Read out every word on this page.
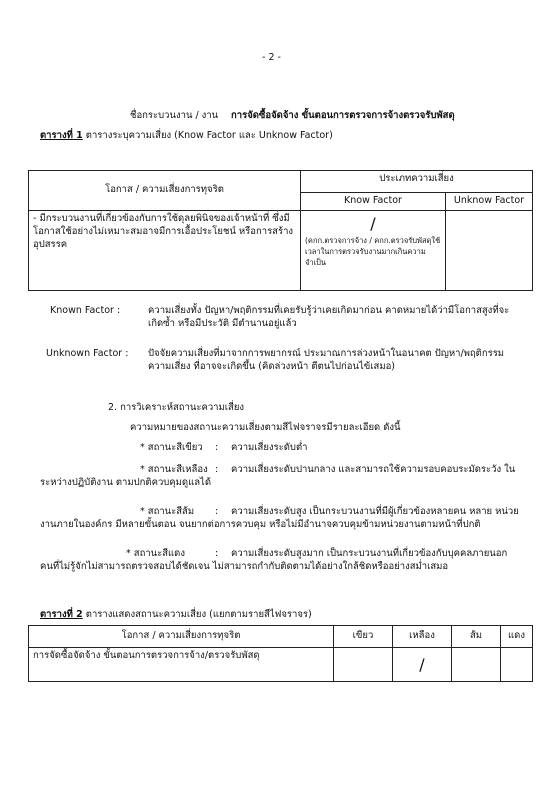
- 2 -
ชื่อกระบวนงาน / งาน การจัดซื้อจัดจ้าง ขั้นตอนการตรวจการจ้างตรวจรับพัสดุ
ตารางที่ 1 ตารางระบุความเสี่ยง (Know Factor และ Unknow Factor)
โอกาส / ความเสี่ยงการทุจริต	ประเภทความเสี่ยง	
	Know Factor	Unknow Factor
- มีกระบวนงานที่เกี่ยวข้องกับการใช้ดุลยพินิจของเจ้าหน้าที่ ซึ่งมีโอกาสใช้อย่างไม่เหมาะสมอาจมีการเอื้อประโยชน์ หรือการสร้างอุปสรรค	/
(คกก.ตรวจการจ้าง / คกก.ตรวจรับพัสดุใช้เวลาในการตรวจรับงานมากเกินความจำเป็น	

Known Factor :	ความเสี่ยงทั้ง ปัญหา/พฤติกรรมที่เคยรับรู้ว่าเคยเกิดมาก่อน คาดหมายได้ว่ามีโอกาสสูงที่จะเกิดซ้ำ หรือมีประวัติ มีตำนานอยู่แล้ว
Unknown Factor : ปัจจัยความเสี่ยงที่มาจากการพยากรณ์ ประมาณการล่วงหน้าในอนาคต ปัญหา/พฤติกรรม ความเสี่ยง ที่อาจจะเกิดขึ้น (คิดล่วงหน้า ตีตนไปก่อนไข้เสมอ)
2. การวิเคราะห์สถานะความเสี่ยง
ความหมายของสถานะความเสี่ยงตามสีไฟจราจรมีรายละเอียด ดังนี้
* สถานะสีเขียว : ความเสี่ยงระดับต่ำ
* สถานะสีเหลือง :	ความเสี่ยงระดับปานกลาง และสามารถใช้ความรอบคอบระมัดระวัง ในระหว่างปฏิบัติงาน ตามปกติควบคุมดูแลได้
* สถานะสีส้ม :	ความเสี่ยงระดับสูง เป็นกระบวนงานที่มีผู้เกี่ยวข้องหลายคน หลาย หน่วยงานภายในองค์กร มีหลายขั้นตอน จนยากต่อการควบคุม หรือไม่มีอำนาจควบคุมข้ามหน่วยงานตามหน้าที่ปกติ
* สถานะสีแดง	:	ความเสี่ยงระดับสูงมาก เป็นกระบวนงานที่เกี่ยวข้องกับบุคคลภายนอก คนที่ไม่รู้จักไม่สามารถตรวจสอบได้ชัดเจน ไม่สามารถกำกับติดตามได้อย่างใกล้ชิดหรืออย่างสม่ำเสมอ
ตารางที่ 2 ตารางแสดงสถานะความเสี่ยง (แยกตามรายสีไฟจราจร)
โอกาส / ความเสี่ยงการทุจริต	เขียว	เหลือง	ส้ม	แดง
การจัดซื้อจัดจ้าง ขั้นตอนการตรวจการจ้าง/ตรวจรับพัสดุ		/		
